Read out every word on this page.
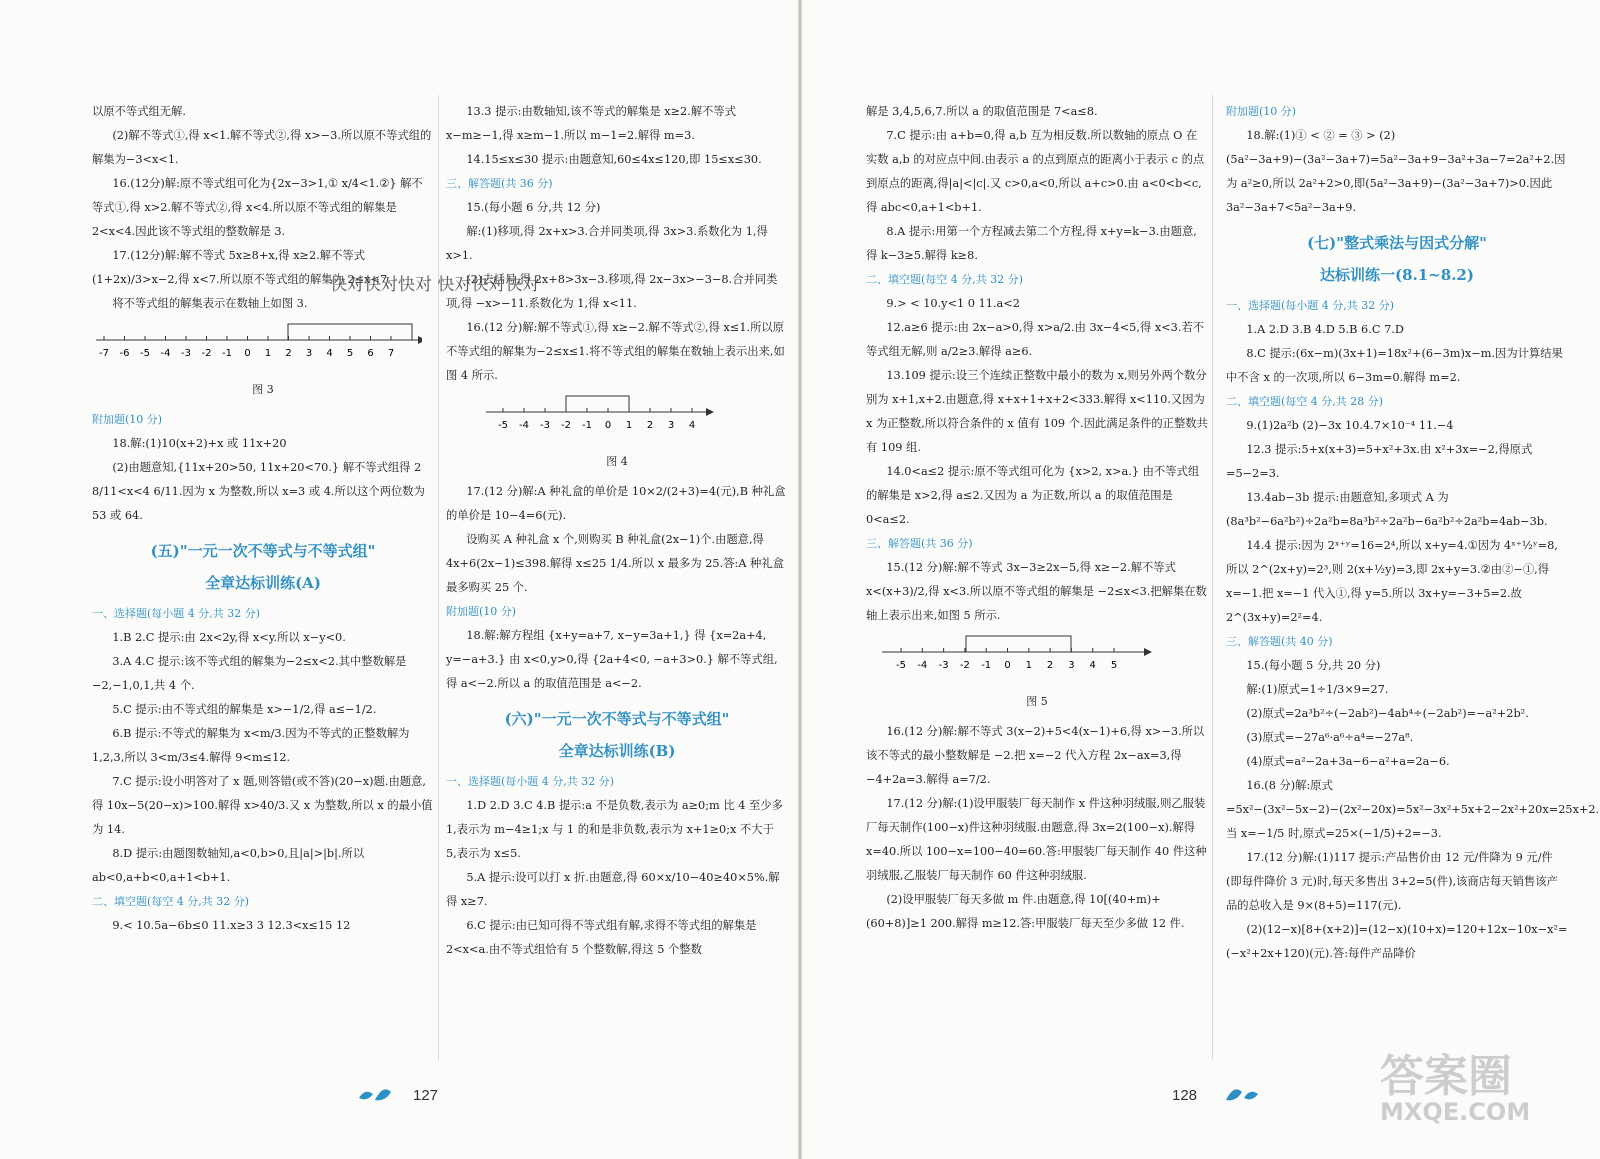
以原不等式组无解.

(2)解不等式①,得 x<1.解不等式②,得 x>−3.所以原不等式组的解集为−3<x<1.

16.(12分)解:原不等式组可化为{2x−3>1,① x/4<1.②} 解不等式①,得 x>2.解不等式②,得 x<4.所以原不等式组的解集是 2<x<4.因此该不等式组的整数解是 3.

17.(12分)解:解不等式 5x≥8+x,得 x≥2.解不等式 (1+2x)/3>x−2,得 x<7.所以原不等式组的解集为 2≤x<7.

将不等式组的解集表示在数轴上如图 3.

-7 -6 -5 -4 -3 -2 -1 0 1 2 3 4 5 6 7
图 3

附加题(10 分)

18.解:(1)10(x+2)+x 或 11x+20

(2)由题意知,{11x+20>50, 11x+20<70.} 解不等式组得 2 8/11<x<4 6/11.因为 x 为整数,所以 x=3 或 4.所以这个两位数为 53 或 64.

(五)"一元一次不等式与不等式组"
全章达标训练(A)

一、选择题(每小题 4 分,共 32 分)

1.B 2.C 提示:由 2x<2y,得 x<y.所以 x−y<0.

3.A 4.C 提示:该不等式组的解集为−2≤x<2.其中整数解是−2,−1,0,1,共 4 个.

5.C 提示:由不等式组的解集是 x>−1/2,得 a≤−1/2.

6.B 提示:不等式的解集为 x<m/3.因为不等式的正整数解为 1,2,3,所以 3<m/3≤4.解得 9<m≤12.

7.C 提示:设小明答对了 x 题,则答错(或不答)(20−x)题.由题意,得 10x−5(20−x)>100.解得 x>40/3.又 x 为整数,所以 x 的最小值为 14.

8.D 提示:由题图数轴知,a<0,b>0,且|a|>|b|.所以 ab<0,a+b<0,a+1<b+1.

二、填空题(每空 4 分,共 32 分)

9.< 10.5a−6b≤0 11.x≥3 3 12.3<x≤15 12

13.3 提示:由数轴知,该不等式的解集是 x≥2.解不等式 x−m≥−1,得 x≥m−1.所以 m−1=2.解得 m=3.

14.15≤x≤30 提示:由题意知,60≤4x≤120,即 15≤x≤30.

三、解答题(共 36 分)

15.(每小题 6 分,共 12 分)

解:(1)移项,得 2x+x>3.合并同类项,得 3x>3.系数化为 1,得 x>1.

(2)去括号,得 2x+8>3x−3.移项,得 2x−3x>−3−8.合并同类项,得 −x>−11.系数化为 1,得 x<11.

16.(12 分)解:解不等式①,得 x≥−2.解不等式②,得 x≤1.所以原不等式组的解集为−2≤x≤1.将不等式组的解集在数轴上表示出来,如图 4 所示.

-5 -4 -3 -2 -1 0 1 2 3 4
图 4

17.(12 分)解:A 种礼盒的单价是 10×2/(2+3)=4(元),B 种礼盒的单价是 10−4=6(元).

设购买 A 种礼盒 x 个,则购买 B 种礼盒(2x−1)个.由题意,得 4x+6(2x−1)≤398.解得 x≤25 1/4.所以 x 最多为 25.答:A 种礼盒最多购买 25 个.

附加题(10 分)

18.解:解方程组 {x+y=a+7, x−y=3a+1,} 得 {x=2a+4, y=−a+3.} 由 x<0,y>0,得 {2a+4<0, −a+3>0.} 解不等式组,得 a<−2.所以 a 的取值范围是 a<−2.

(六)"一元一次不等式与不等式组"
全章达标训练(B)

一、选择题(每小题 4 分,共 32 分)

1.D 2.D 3.C 4.B 提示:a 不是负数,表示为 a≥0;m 比 4 至少多 1,表示为 m−4≥1;x 与 1 的和是非负数,表示为 x+1≥0;x 不大于 5,表示为 x≤5.

5.A 提示:设可以打 x 折.由题意,得 60×x/10−40≥40×5%.解得 x≥7.

6.C 提示:由已知可得不等式组有解,求得不等式组的解集是 2<x<a.由不等式组恰有 5 个整数解,得这 5 个整数

解是 3,4,5,6,7.所以 a 的取值范围是 7<a≤8.

7.C 提示:由 a+b=0,得 a,b 互为相反数.所以数轴的原点 O 在实数 a,b 的对应点中间.由表示 a 的点到原点的距离小于表示 c 的点到原点的距离,得|a|<|c|.又 c>0,a<0,所以 a+c>0.由 a<0<b<c,得 abc<0,a+1<b+1.

8.A 提示:用第一个方程减去第二个方程,得 x+y=k−3.由题意,得 k−3≥5.解得 k≥8.

二、填空题(每空 4 分,共 32 分)

9.> < 10.y<1 0 11.a<2

12.a≥6 提示:由 2x−a>0,得 x>a/2.由 3x−4<5,得 x<3.若不等式组无解,则 a/2≥3.解得 a≥6.

13.109 提示:设三个连续正整数中最小的数为 x,则另外两个数分别为 x+1,x+2.由题意,得 x+x+1+x+2<333.解得 x<110.又因为 x 为正整数,所以符合条件的 x 值有 109 个.因此满足条件的正整数共有 109 组.

14.0<a≤2 提示:原不等式组可化为 {x>2, x>a.} 由不等式组的解集是 x>2,得 a≤2.又因为 a 为正数,所以 a 的取值范围是 0<a≤2.

三、解答题(共 36 分)

15.(12 分)解:解不等式 3x−3≥2x−5,得 x≥−2.解不等式 x<(x+3)/2,得 x<3.所以原不等式组的解集是 −2≤x<3.把解集在数轴上表示出来,如图 5 所示.

-5 -4 -3 -2 -1 0 1 2 3 4 5
图 5

16.(12 分)解:解不等式 3(x−2)+5<4(x−1)+6,得 x>−3.所以该不等式的最小整数解是 −2.把 x=−2 代入方程 2x−ax=3,得 −4+2a=3.解得 a=7/2.

17.(12 分)解:(1)设甲服装厂每天制作 x 件这种羽绒服,则乙服装厂每天制作(100−x)件这种羽绒服.由题意,得 3x=2(100−x).解得 x=40.所以 100−x=100−40=60.答:甲服装厂每天制作 40 件这种羽绒服,乙服装厂每天制作 60 件这种羽绒服.

(2)设甲服装厂每天多做 m 件.由题意,得 10[(40+m)+(60+8)]≥1 200.解得 m≥12.答:甲服装厂每天至少多做 12 件.

附加题(10 分)

18.解:(1)① < ② = ③ > (2)(5a²−3a+9)−(3a²−3a+7)=5a²−3a+9−3a²+3a−7=2a²+2.因为 a²≥0,所以 2a²+2>0,即(5a²−3a+9)−(3a²−3a+7)>0.因此 3a²−3a+7<5a²−3a+9.

(七)"整式乘法与因式分解"
达标训练一(8.1~8.2)

一、选择题(每小题 4 分,共 32 分)

1.A 2.D 3.B 4.D 5.B 6.C 7.D

8.C 提示:(6x−m)(3x+1)=18x²+(6−3m)x−m.因为计算结果中不含 x 的一次项,所以 6−3m=0.解得 m=2.

二、填空题(每空 4 分,共 28 分)

9.(1)2a²b (2)−3x 10.4.7×10⁻⁴ 11.−4

12.3 提示:5+x(x+3)=5+x²+3x.由 x²+3x=−2,得原式=5−2=3.

13.4ab−3b 提示:由题意知,多项式 A 为(8a³b²−6a²b²)÷2a²b=8a³b²÷2a²b−6a²b²÷2a²b=4ab−3b.

14.4 提示:因为 2ˣ⁺ʸ=16=2⁴,所以 x+y=4.①因为 4ˣ⁺½ʸ=8,所以 2^(2x+y)=2³,则 2(x+½y)=3,即 2x+y=3.②由②−①,得 x=−1.把 x=−1 代入①,得 y=5.所以 3x+y=−3+5=2.故 2^(3x+y)=2²=4.

三、解答题(共 40 分)

15.(每小题 5 分,共 20 分)

解:(1)原式=1÷1/3×9=27.

(2)原式=2a³b²÷(−2ab²)−4ab⁴÷(−2ab²)=−a²+2b².

(3)原式=−27a⁶·a⁶÷a⁴=−27a⁸.

(4)原式=a²−2a+3a−6−a²+a=2a−6.

16.(8 分)解:原式=5x²−(3x²−5x−2)−(2x²−20x)=5x²−3x²+5x+2−2x²+20x=25x+2.当 x=−1/5 时,原式=25×(−1/5)+2=−3.

17.(12 分)解:(1)117 提示:产品售价由 12 元/件降为 9 元/件(即每件降价 3 元)时,每天多售出 3+2=5(件),该商店每天销售该产品的总收入是 9×(8+5)=117(元).

(2)(12−x)[8+(x+2)]=(12−x)(10+x)=120+12x−10x−x²=(−x²+2x+120)(元).答:每件产品降价

127	128
快对快对快对 快对快对快对
答案圈
MXQE.COM
